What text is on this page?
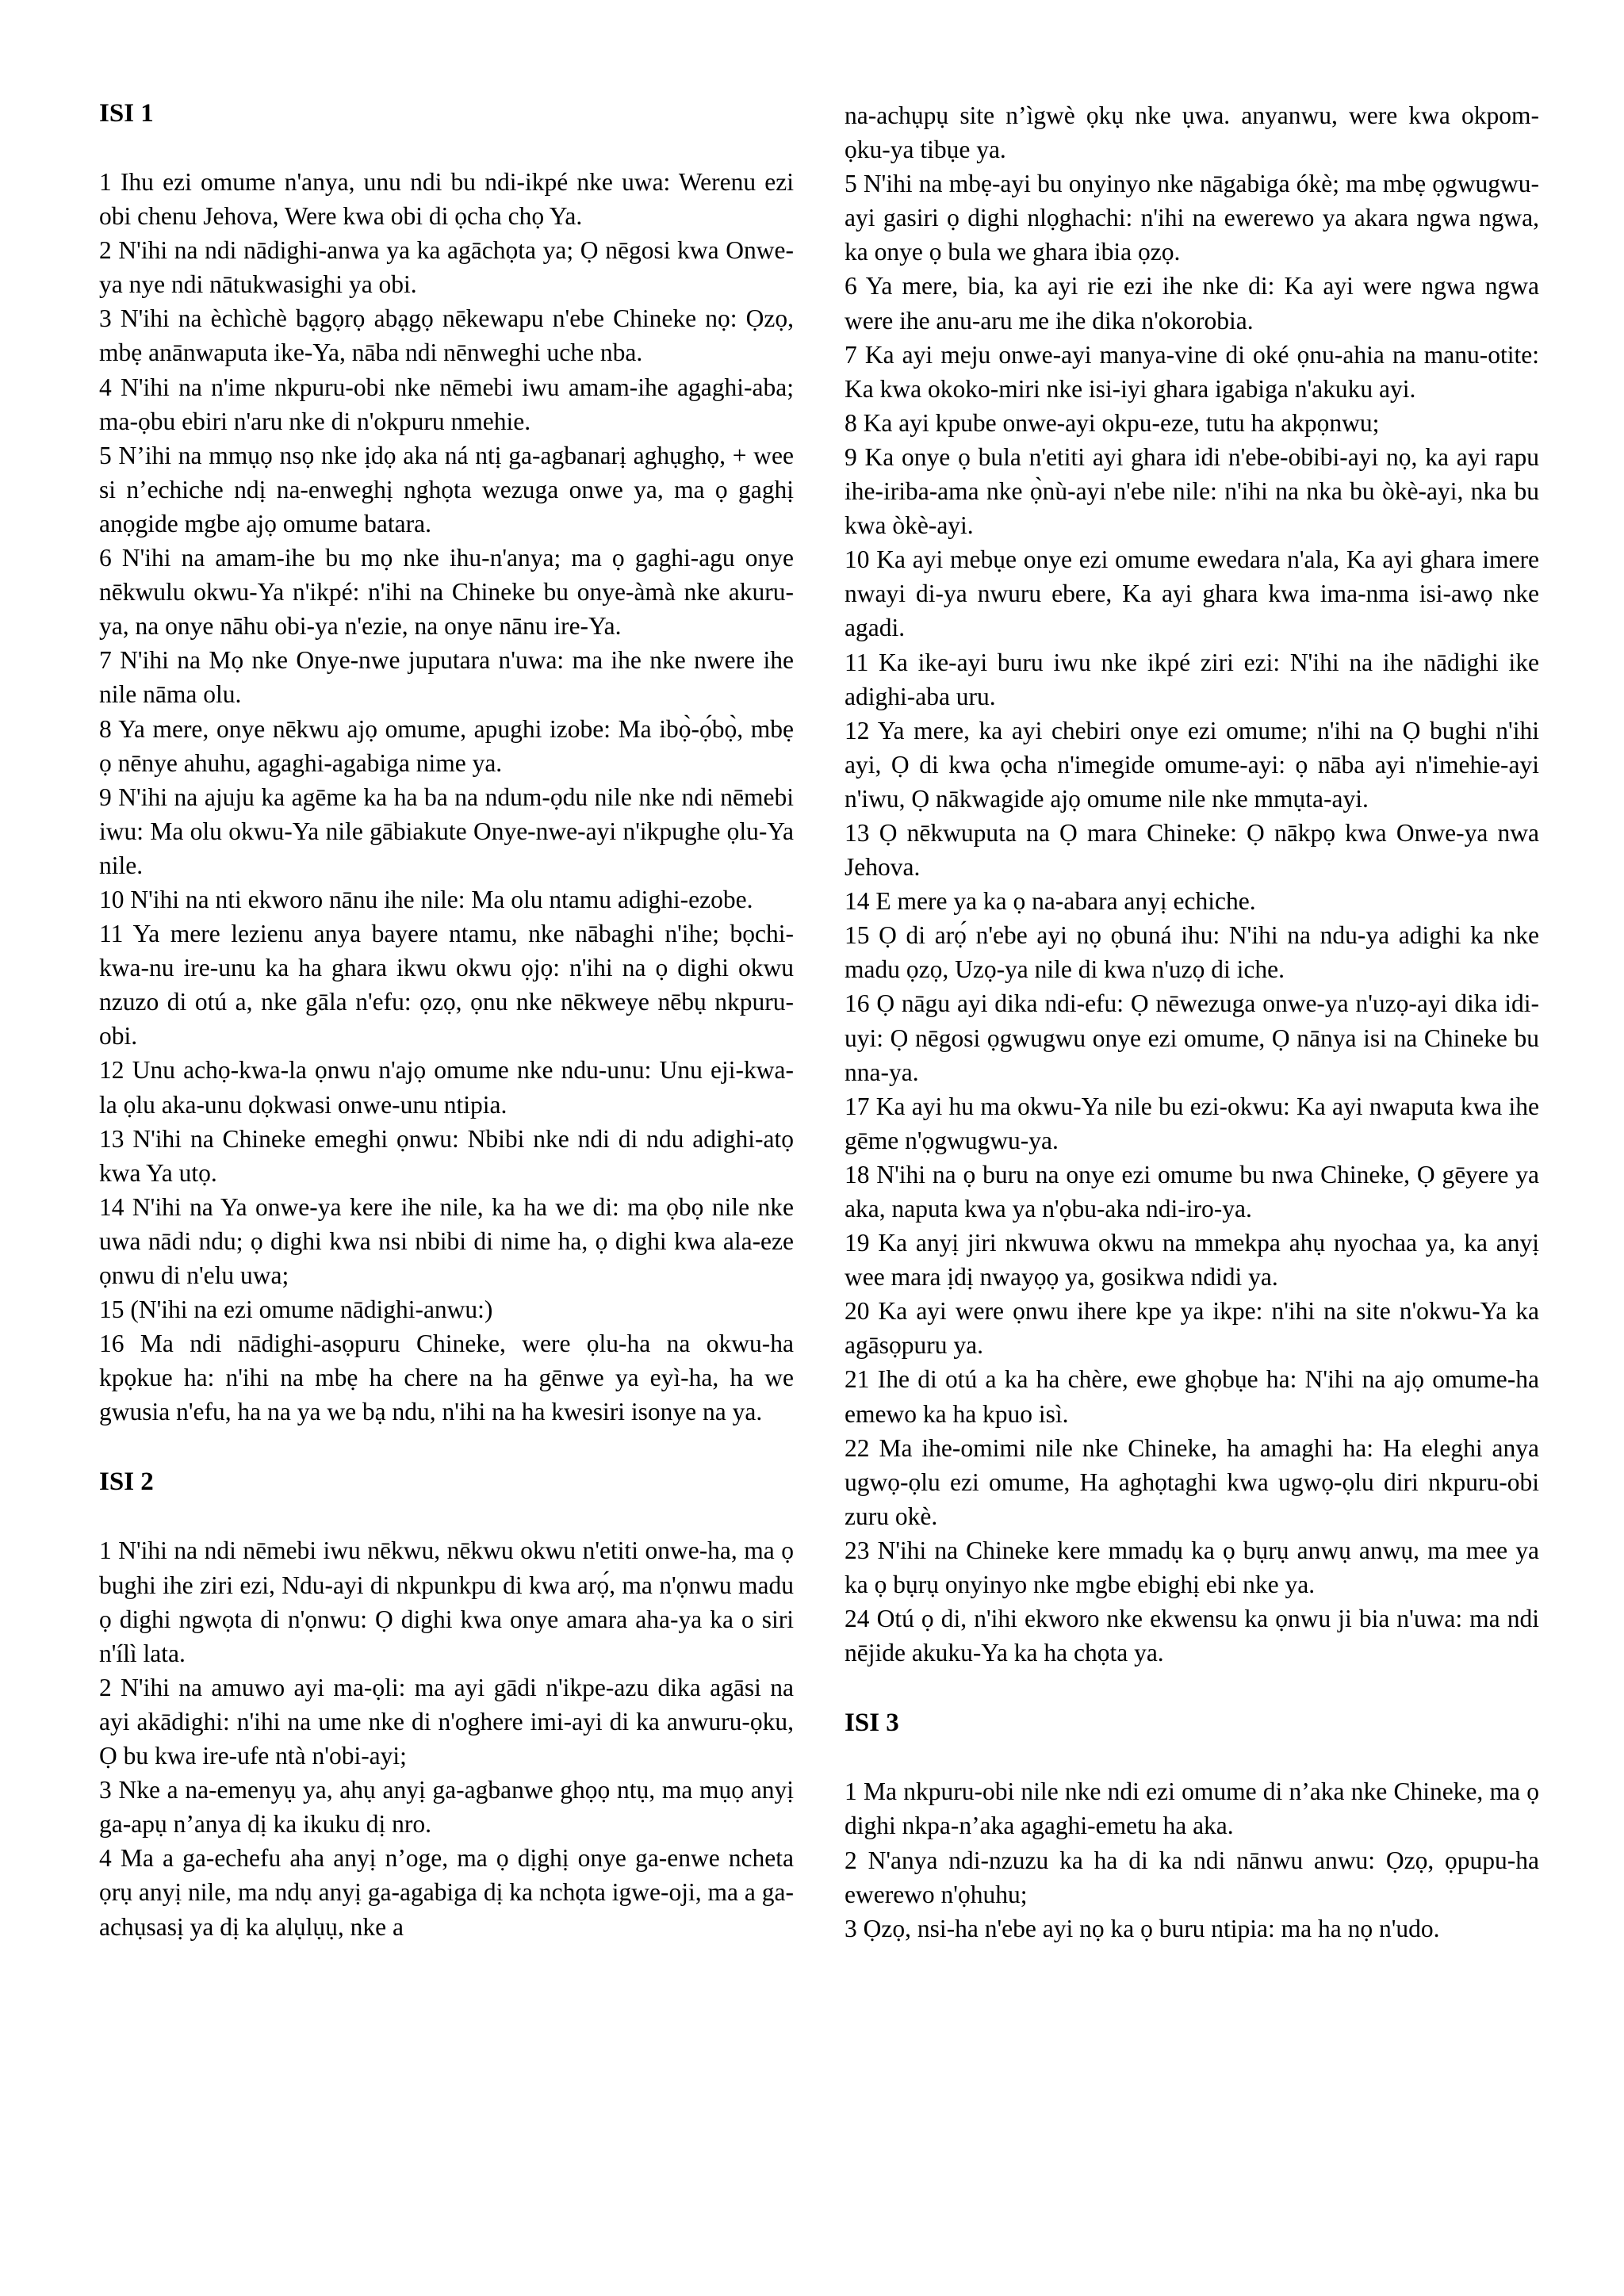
ISI 1

1 Ihu ezi omume n'anya, unu ndi bu ndi-ikpé nke uwa: Werenu ezi obi chenu Jehova, Were kwa obi di ọcha chọ Ya.

2 N'ihi na ndi nādighi-anwa ya ka agāchọta ya; Ọ nēgosi kwa Onwe-ya nye ndi nātukwasighi ya obi.

3 N'ihi na èchìchè bạgọrọ abạgọ nēkewapu n'ebe Chineke nọ: Ọzọ, mbẹ anānwaputa ike-Ya, nāba ndi nēnweghi uche nba.

4 N'ihi na n'ime nkpuru-obi nke nēmebi iwu amam-ihe agaghi-aba; ma-ọbu ebiri n'aru nke di n'okpuru nmehie.

5 N’ihi na mmụọ nsọ nke ịdọ aka ná ntị ga-agbanarị aghụghọ, + wee si n’echiche ndị na-enweghị nghọta wezuga onwe ya, ma ọ gaghị anọgide mgbe ajọ omume batara.

6 N'ihi na amam-ihe bu mọ nke ihu-n'anya; ma ọ gaghi-agu onye nēkwulu okwu-Ya n'ikpé: n'ihi na Chineke bu onye-àmà nke akuru-ya, na onye nāhu obi-ya n'ezie, na onye nānu ire-Ya.

7 N'ihi na Mọ nke Onye-nwe juputara n'uwa: ma ihe nke nwere ihe nile nāma olu.

8 Ya mere, onye nēkwu ajọ omume, apughi izobe: Ma ibọ̀-ọ́bọ̀, mbẹ ọ nēnye ahuhu, agaghi-agabiga nime ya.

9 N'ihi na ajuju ka agēme ka ha ba na ndum-ọdu nile nke ndi nēmebi iwu: Ma olu okwu-Ya nile gābiakute Onye-nwe-ayi n'ikpughe ọlu-Ya nile.

10 N'ihi na nti ekworo nānu ihe nile: Ma olu ntamu adighi-ezobe.

11 Ya mere lezienu anya bayere ntamu, nke nābaghi n'ihe; bọchi-kwa-nu ire-unu ka ha ghara ikwu okwu ọjọ: n'ihi na ọ dighi okwu nzuzo di otú a, nke gāla n'efu: ọzọ, ọnu nke nēkweye nēbụ nkpuru-obi.

12 Unu achọ-kwa-la ọnwu n'ajọ omume nke ndu-unu: Unu eji-kwa-la ọlu aka-unu dọkwasi onwe-unu ntipia.

13 N'ihi na Chineke emeghi ọnwu: Nbibi nke ndi di ndu adighi-atọ kwa Ya utọ.

14 N'ihi na Ya onwe-ya kere ihe nile, ka ha we di: ma ọbọ nile nke uwa nādi ndu; ọ dighi kwa nsi nbibi di nime ha, ọ dighi kwa ala-eze ọnwu di n'elu uwa;

15 (N'ihi na ezi omume nādighi-anwu:)

16 Ma ndi nādighi-asọpuru Chineke, were ọlu-ha na okwu-ha kpọkue ha: n'ihi na mbẹ ha chere na ha gēnwe ya eyì-ha, ha we gwusia n'efu, ha na ya we bạ ndu, n'ihi na ha kwesiri isonye na ya.

ISI 2

1 N'ihi na ndi nēmebi iwu nēkwu, nēkwu okwu n'etiti onwe-ha, ma ọ bughi ihe ziri ezi, Ndu-ayi di nkpunkpu di kwa arọ́, ma n'ọnwu madu ọ dighi ngwọta di n'ọnwu: Ọ dighi kwa onye amara aha-ya ka o siri n'ílì lata.

2 N'ihi na amuwo ayi ma-ọli: ma ayi gādi n'ikpe-azu dika agāsi na ayi akādighi: n'ihi na ume nke di n'oghere imi-ayi di ka anwuru-ọku, Ọ bu kwa ire-ufe ntà n'obi-ayi;

3 Nke a na-emenyụ ya, ahụ anyị ga-agbanwe ghọọ ntụ, ma mụọ anyị ga-apụ n’anya dị ka ikuku dị nro.

4 Ma a ga-echefu aha anyị n’oge, ma ọ dịghị onye ga-enwe ncheta ọrụ anyị nile, ma ndụ anyị ga-agabiga dị ka nchọta igwe-oji, ma a ga-achụsasị ya dị ka alụlụụ, nke a

na-achụpụ site n’ìgwè ọkụ nke ụwa. anyanwu, were kwa okpom-ọku-ya tibụe ya.

5 N'ihi na mbẹ-ayi bu onyinyo nke nāgabiga ókè; ma mbẹ ọgwugwu-ayi gasiri ọ dighi nlọghachi: n'ihi na ewerewo ya akara ngwa ngwa, ka onye ọ bula we ghara ibia ọzọ.

6 Ya mere, bia, ka ayi rie ezi ihe nke di: Ka ayi were ngwa ngwa were ihe anu-aru me ihe dika n'okorobia.

7 Ka ayi meju onwe-ayi manya-vine di oké ọnu-ahia na manu-otite: Ka kwa okoko-miri nke isi-iyi ghara igabiga n'akuku ayi.

8 Ka ayi kpube onwe-ayi okpu-eze, tutu ha akpọnwu;

9 Ka onye ọ bula n'etiti ayi ghara idi n'ebe-obibi-ayi nọ, ka ayi rapu ihe-iriba-ama nke ọ̀nù-ayi n'ebe nile: n'ihi na nka bu òkè-ayi, nka bu kwa òkè-ayi.

10 Ka ayi mebụe onye ezi omume ewedara n'ala, Ka ayi ghara imere nwayi di-ya nwuru ebere, Ka ayi ghara kwa ima-nma isi-awọ nke agadi.

11 Ka ike-ayi buru iwu nke ikpé ziri ezi: N'ihi na ihe nādighi ike adighi-aba uru.

12 Ya mere, ka ayi chebiri onye ezi omume; n'ihi na Ọ bughi n'ihi ayi, Ọ di kwa ọcha n'imegide omume-ayi: ọ nāba ayi n'imehie-ayi n'iwu, Ọ nākwagide ajọ omume nile nke mmụta-ayi.

13 Ọ nēkwuputa na Ọ mara Chineke: Ọ nākpọ kwa Onwe-ya nwa Jehova.

14 E mere ya ka ọ na-abara anyị echiche.

15 Ọ di arọ́ n'ebe ayi nọ ọbuná ihu: N'ihi na ndu-ya adighi ka nke madu ọzọ, Uzọ-ya nile di kwa n'uzọ di iche.

16 Ọ nāgu ayi dika ndi-efu: Ọ nēwezuga onwe-ya n'uzọ-ayi dika idi-uyi: Ọ nēgosi ọgwugwu onye ezi omume, Ọ nānya isi na Chineke bu nna-ya.

17 Ka ayi hu ma okwu-Ya nile bu ezi-okwu: Ka ayi nwaputa kwa ihe gēme n'ọgwugwu-ya.

18 N'ihi na ọ buru na onye ezi omume bu nwa Chineke, Ọ gēyere ya aka, naputa kwa ya n'ọbu-aka ndi-iro-ya.

19 Ka anyị jiri nkwuwa okwu na mmekpa ahụ nyochaa ya, ka anyị wee mara ịdị nwayọọ ya, gosikwa ndidi ya.

20 Ka ayi were ọnwu ihere kpe ya ikpe: n'ihi na site n'okwu-Ya ka agāsọpuru ya.

21 Ihe di otú a ka ha chère, ewe ghọbụe ha: N'ihi na ajọ omume-ha emewo ka ha kpuo isì.

22 Ma ihe-omimi nile nke Chineke, ha amaghi ha: Ha eleghi anya ugwọ-ọlu ezi omume, Ha aghọtaghi kwa ugwọ-ọlu diri nkpuru-obi zuru okè.

23 N'ihi na Chineke kere mmadụ ka ọ bụrụ anwụ anwụ, ma mee ya ka ọ bụrụ onyinyo nke mgbe ebighị ebi nke ya.

24 Otú ọ di, n'ihi ekworo nke ekwensu ka ọnwu ji bia n'uwa: ma ndi nējide akuku-Ya ka ha chọta ya.

ISI 3

1 Ma nkpuru-obi nile nke ndi ezi omume di n’aka nke Chineke, ma ọ dighi nkpa-n’aka agaghi-emetu ha aka.

2 N'anya ndi-nzuzu ka ha di ka ndi nānwu anwu: Ọzọ, ọpupu-ha ewerewo n'ọhuhu;

3 Ọzọ, nsi-ha n'ebe ayi nọ ka ọ buru ntipia: ma ha nọ n'udo.
